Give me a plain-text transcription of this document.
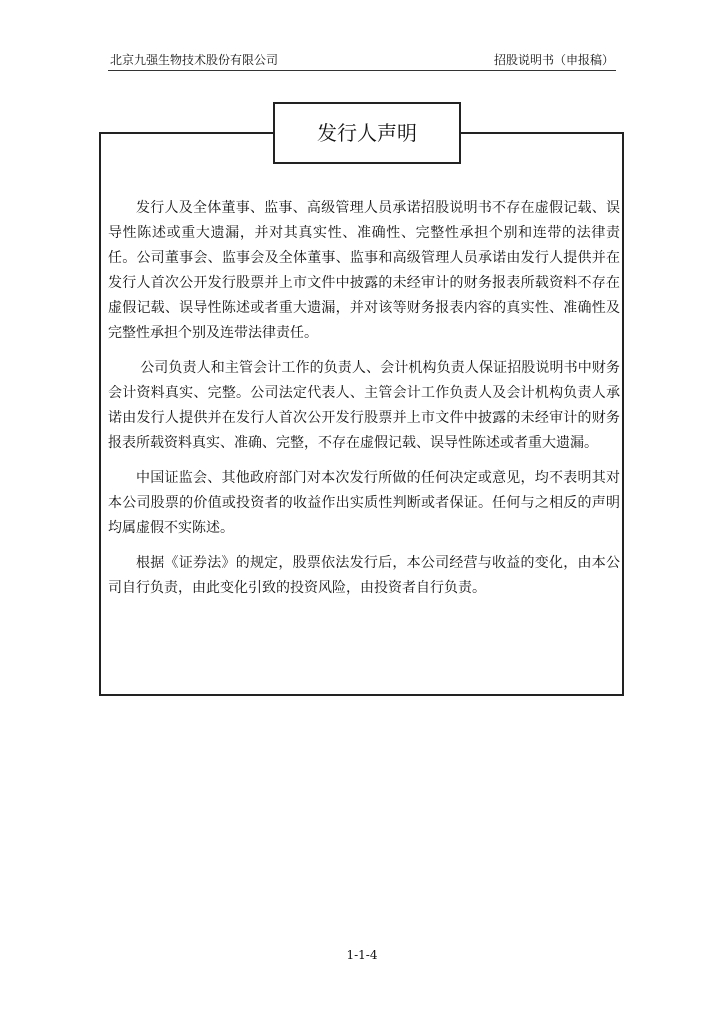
北京九强生物技术股份有限公司	招股说明书（申报稿）
发行人声明

发行人及全体董事、监事、高级管理人员承诺招股说明书不存在虚假记载、误导性陈述或重大遗漏，并对其真实性、准确性、完整性承担个别和连带的法律责任。公司董事会、监事会及全体董事、监事和高级管理人员承诺由发行人提供并在发行人首次公开发行股票并上市文件中披露的未经审计的财务报表所载资料不存在虚假记载、误导性陈述或者重大遗漏，并对该等财务报表内容的真实性、准确性及完整性承担个别及连带法律责任。

公司负责人和主管会计工作的负责人、会计机构负责人保证招股说明书中财务会计资料真实、完整。公司法定代表人、主管会计工作负责人及会计机构负责人承诺由发行人提供并在发行人首次公开发行股票并上市文件中披露的未经审计的财务报表所载资料真实、准确、完整，不存在虚假记载、误导性陈述或者重大遗漏。

中国证监会、其他政府部门对本次发行所做的任何决定或意见，均不表明其对本公司股票的价值或投资者的收益作出实质性判断或者保证。任何与之相反的声明均属虚假不实陈述。

根据《证券法》的规定，股票依法发行后，本公司经营与收益的变化，由本公司自行负责，由此变化引致的投资风险，由投资者自行负责。

1-1-4
